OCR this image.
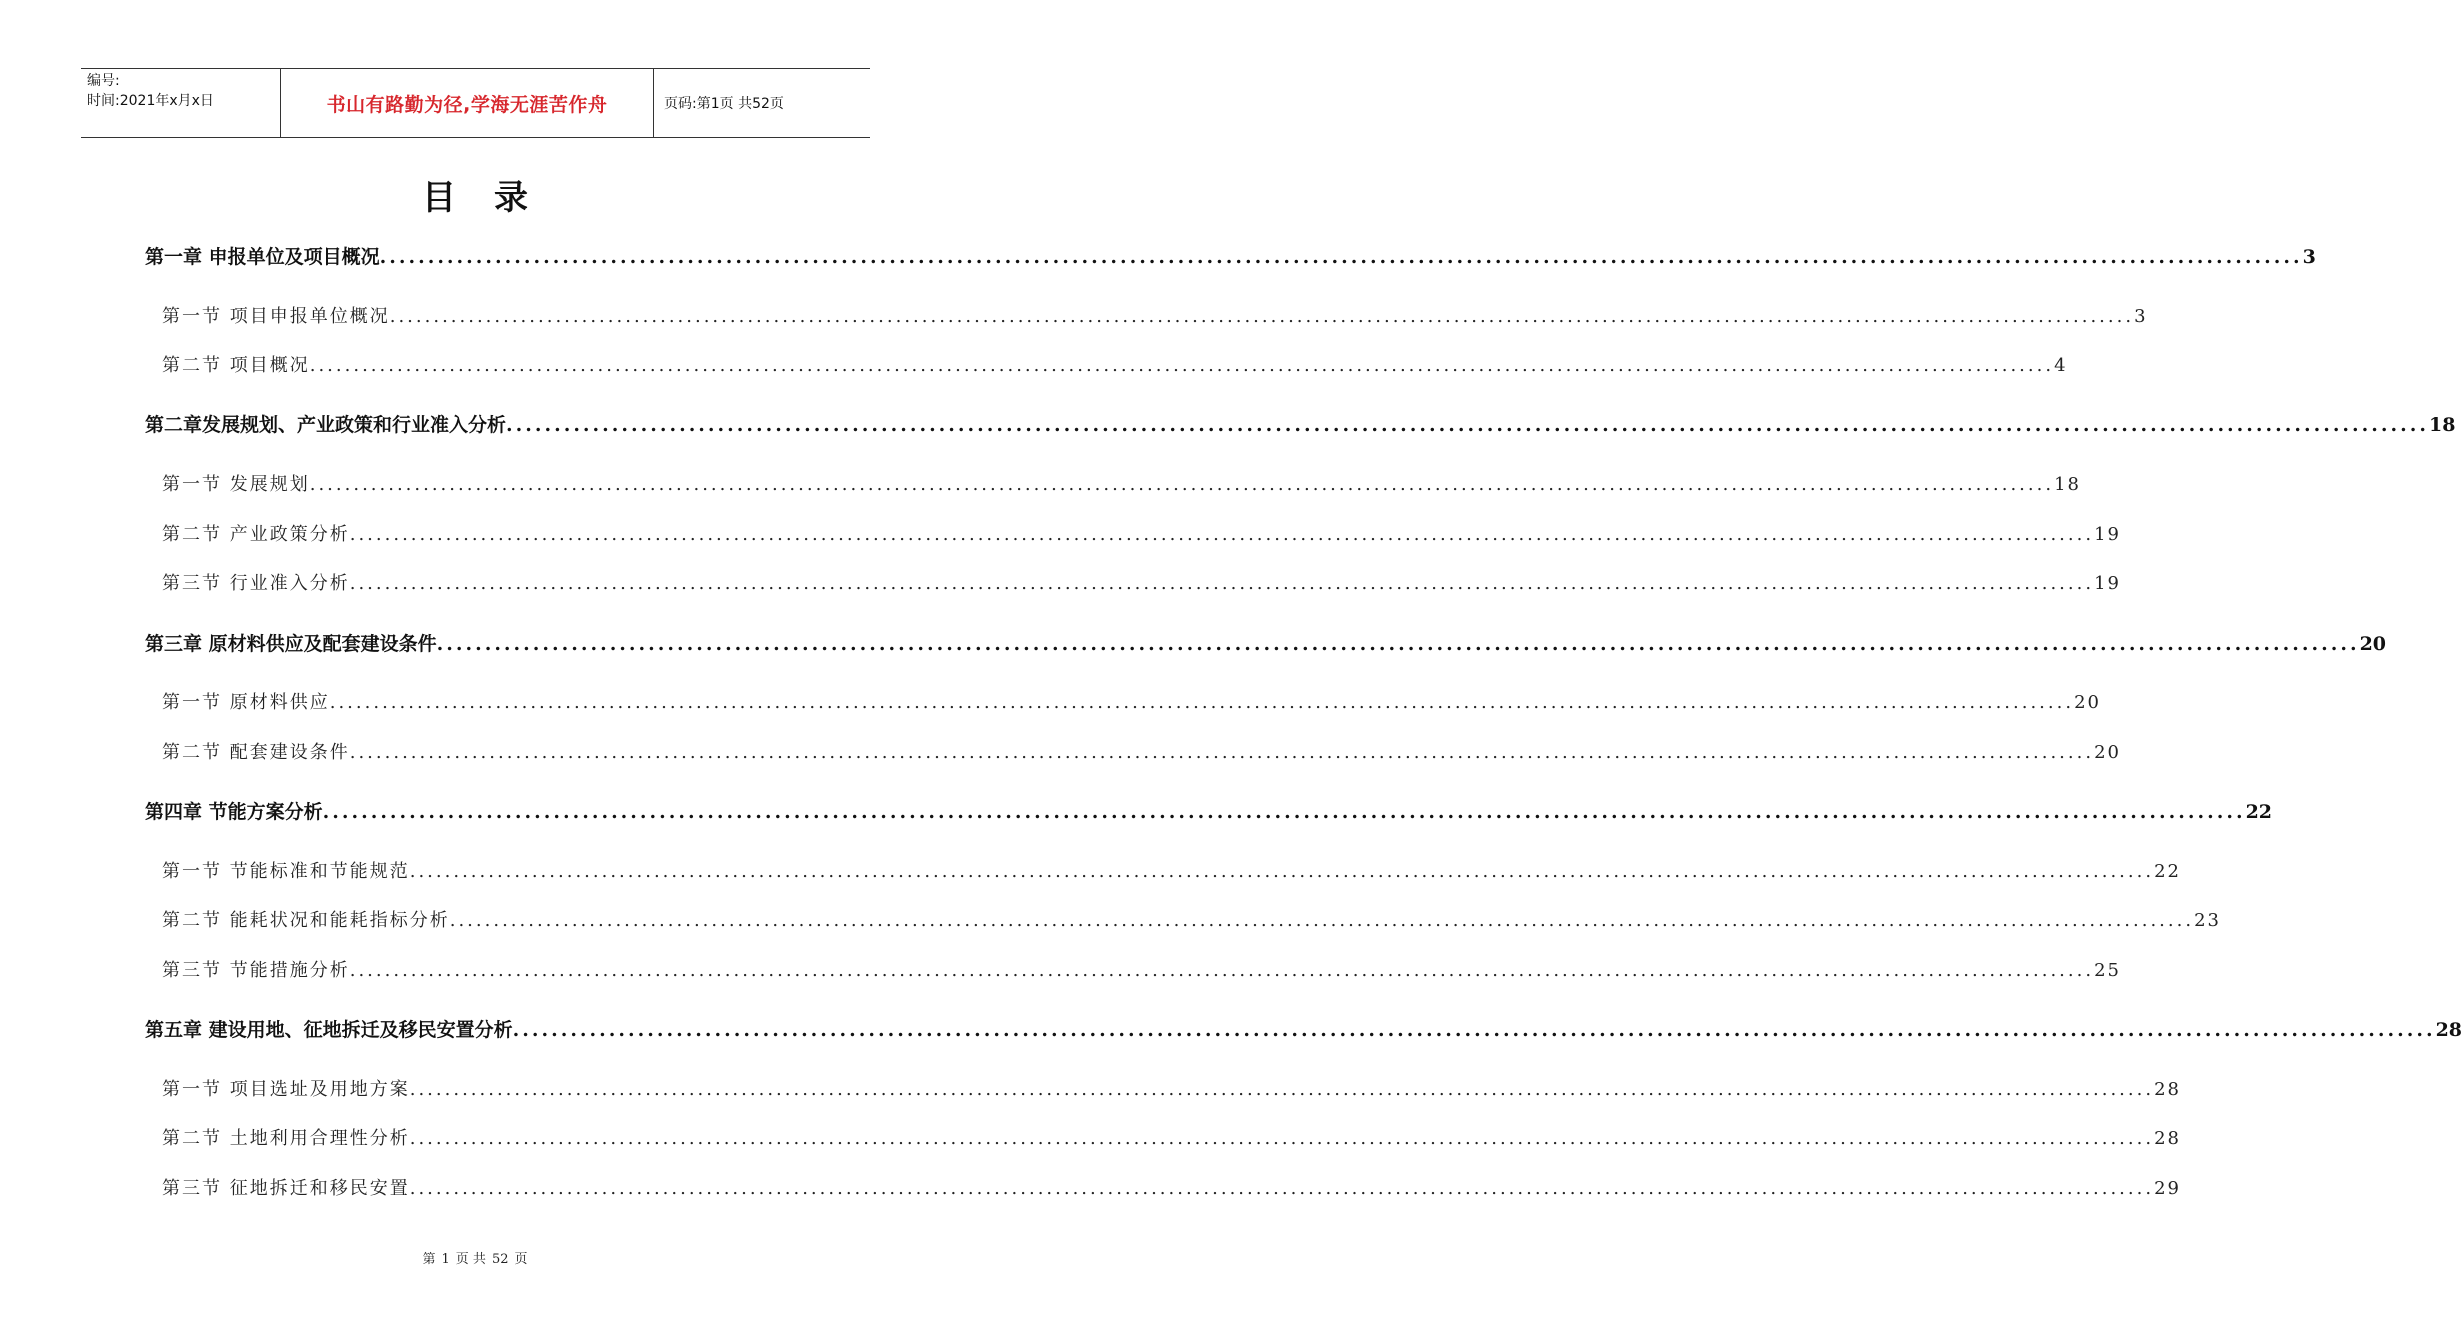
编号:
时间:2021年x月x日	书山有路勤为径,学海无涯苦作舟	页码:第1页 共52页
目录
第一章 申报单位及项目概况 ........................................................................................................................................................................................................ 3
第一节 项目申报单位概况 ........................................................................................................................................................................................................ 3
第二节 项目概况 ........................................................................................................................................................................................................ 4
第二章发展规划、产业政策和行业准入分析 ........................................................................................................................................................................................................ 18
第一节 发展规划 ........................................................................................................................................................................................................ 18
第二节 产业政策分析 ........................................................................................................................................................................................................ 19
第三节 行业准入分析 ........................................................................................................................................................................................................ 19
第三章 原材料供应及配套建设条件 ........................................................................................................................................................................................................ 20
第一节 原材料供应 ........................................................................................................................................................................................................ 20
第二节 配套建设条件 ........................................................................................................................................................................................................ 20
第四章 节能方案分析 ........................................................................................................................................................................................................ 22
第一节 节能标准和节能规范 ........................................................................................................................................................................................................ 22
第二节 能耗状况和能耗指标分析 ........................................................................................................................................................................................................ 23
第三节 节能措施分析 ........................................................................................................................................................................................................ 25
第五章 建设用地、征地拆迁及移民安置分析 ........................................................................................................................................................................................................ 28
第一节 项目选址及用地方案 ........................................................................................................................................................................................................ 28
第二节 土地利用合理性分析 ........................................................................................................................................................................................................ 28
第三节 征地拆迁和移民安置 ........................................................................................................................................................................................................ 29
第 1 页 共 52 页
